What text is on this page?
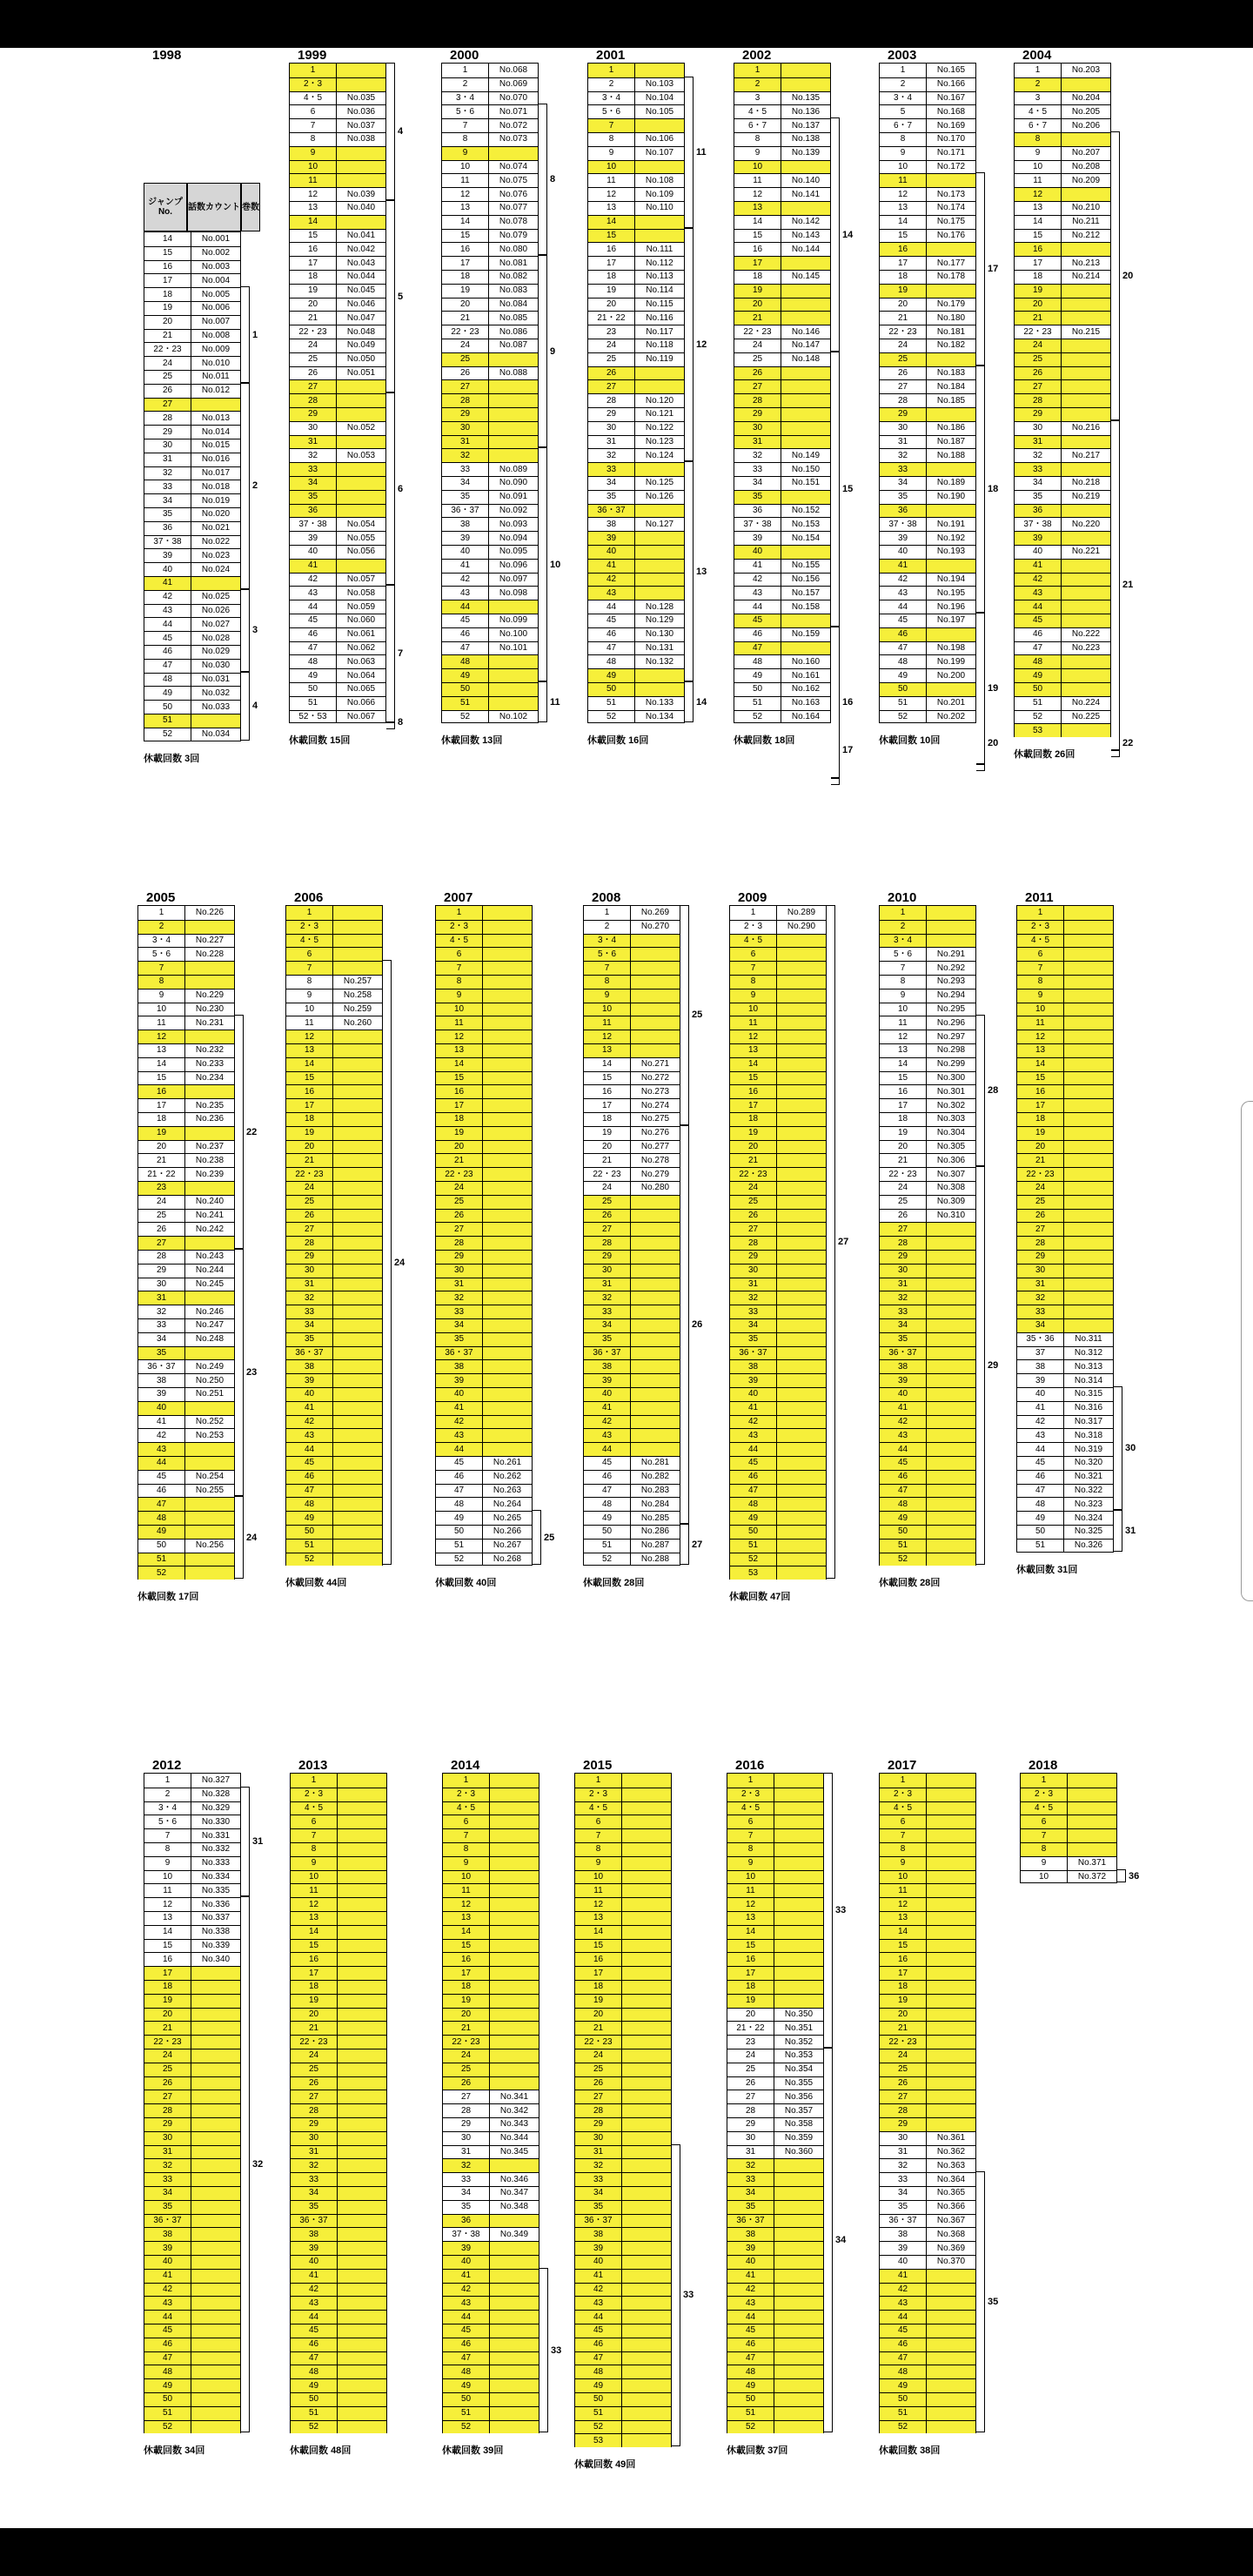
1998
ジャンプNo.	話数カウント 巻数
14	No.001
15	No.002
16	No.003
17	No.004
18	No.005
19	No.006
20	No.007
21	No.008
22・23	No.009
24	No.010
25	No.011
26	No.012
27
28	No.013
29	No.014
30	No.015
31	No.016
32	No.017
33	No.018
34	No.019
35	No.020
36	No.021
37・38	No.022
39	No.023
40	No.024
41
42	No.025
43	No.026
44	No.027
45	No.028
46	No.029
47	No.030
48	No.031
49	No.032
50	No.033
51
52	No.034
1
2
3
4
休載回数 3回
1999
1
2・3
4・5	No.035
6	No.036
7	No.037
8	No.038
9
10
11
12	No.039
13	No.040
14
15	No.041
16	No.042
17	No.043
18	No.044
19	No.045
20	No.046
21	No.047
22・23	No.048
24	No.049
25	No.050
26	No.051
27
28
29
30	No.052
31
32	No.053
33
34
35
36
37・38	No.054
39	No.055
40	No.056
41
42	No.057
43	No.058
44	No.059
45	No.060
46	No.061
47	No.062
48	No.063
49	No.064
50	No.065
51	No.066
52・53	No.067
4
5
6
7
8
休載回数 15回
2000
1	No.068
2	No.069
3・4	No.070
5・6	No.071
7	No.072
8	No.073
9
10	No.074
11	No.075
12	No.076
13	No.077
14	No.078
15	No.079
16	No.080
17	No.081
18	No.082
19	No.083
20	No.084
21	No.085
22・23	No.086
24	No.087
25
26	No.088
27
28
29
30
31
32
33	No.089
34	No.090
35	No.091
36・37	No.092
38	No.093
39	No.094
40	No.095
41	No.096
42	No.097
43	No.098
44
45	No.099
46	No.100
47	No.101
48
49
50
51
52	No.102
8
9
10
11
休載回数 13回
2001
1
2	No.103
3・4	No.104
5・6	No.105
7
8	No.106
9	No.107
10
11	No.108
12	No.109
13	No.110
14
15
16	No.111
17	No.112
18	No.113
19	No.114
20	No.115
21・22	No.116
23	No.117
24	No.118
25	No.119
26
27
28	No.120
29	No.121
30	No.122
31	No.123
32	No.124
33
34	No.125
35	No.126
36・37
38	No.127
39
40
41
42
43
44	No.128
45	No.129
46	No.130
47	No.131
48	No.132
49
50
51	No.133
52	No.134
11
12
13
14
休載回数 16回
2002
1
2
3	No.135
4・5	No.136
6・7	No.137
8	No.138
9	No.139
10
11	No.140
12	No.141
13
14	No.142
15	No.143
16	No.144
17
18	No.145
19
20
21
22・23	No.146
24	No.147
25	No.148
26
27
28
29
30
31
32	No.149
33	No.150
34	No.151
35
36	No.152
37・38	No.153
39	No.154
40
41	No.155
42	No.156
43	No.157
44	No.158
45
46	No.159
47
48	No.160
49	No.161
50	No.162
51	No.163
52	No.164
14
15
16
17
休載回数 18回
2003
1	No.165
2	No.166
3・4	No.167
5	No.168
6・7	No.169
8	No.170
9	No.171
10	No.172
11
12	No.173
13	No.174
14	No.175
15	No.176
16
17	No.177
18	No.178
19
20	No.179
21	No.180
22・23	No.181
24	No.182
25
26	No.183
27	No.184
28	No.185
29
30	No.186
31	No.187
32	No.188
33
34	No.189
35	No.190
36
37・38	No.191
39	No.192
40	No.193
41
42	No.194
43	No.195
44	No.196
45	No.197
46
47	No.198
48	No.199
49	No.200
50
51	No.201
52	No.202
17
18
19
20
休載回数 10回
2004
1	No.203
2
3	No.204
4・5	No.205
6・7	No.206
8
9	No.207
10	No.208
11	No.209
12
13	No.210
14	No.211
15	No.212
16
17	No.213
18	No.214
19
20
21
22・23	No.215
24
25
26
27
28
29
30	No.216
31
32	No.217
33
34	No.218
35	No.219
36
37・38	No.220
39
40	No.221
41
42
43
44
45
46	No.222
47	No.223
48
49
50
51	No.224
52	No.225
53
20
21
22
休載回数 26回
2005
1	No.226
2
3・4	No.227
5・6	No.228
7
8
9	No.229
10	No.230
11	No.231
12
13	No.232
14	No.233
15	No.234
16
17	No.235
18	No.236
19
20	No.237
21	No.238
21・22	No.239
23
24	No.240
25	No.241
26	No.242
27
28	No.243
29	No.244
30	No.245
31
32	No.246
33	No.247
34	No.248
35
36・37	No.249
38	No.250
39	No.251
40
41	No.252
42	No.253
43
44
45	No.254
46	No.255
47
48
49
50	No.256
51
52
22
23
24
休載回数 17回
2006
1
2・3
4・5
6
7
8	No.257
9	No.258
10	No.259
11	No.260
12
13
14
15
16
17
18
19
20
21
22・23
24
25
26
27
28
29
30
31
32
33
34
35
36・37
38
39
40
41
42
43
44
45
46
47
48
49
50
51
52
24
休載回数 44回
2007
1
2・3
4・5
6
7
8
9
10
11
12
13
14
15
16
17
18
19
20
21
22・23
24
25
26
27
28
29
30
31
32
33
34
35
36・37
38
39
40
41
42
43
44
45	No.261
46	No.262
47	No.263
48	No.264
49	No.265
50	No.266
51	No.267
52	No.268
25
休載回数 40回
2008
1	No.269
2	No.270
3・4
5・6
7
8
9
10
11
12
13
14	No.271
15	No.272
16	No.273
17	No.274
18	No.275
19	No.276
20	No.277
21	No.278
22・23	No.279
24	No.280
25
26
27
28
29
30
31
32
33
34
35
36・37
38
39
40
41
42
43
44
45	No.281
46	No.282
47	No.283
48	No.284
49	No.285
50	No.286
51	No.287
52	No.288
25
26
27
休載回数 28回
2009
1	No.289
2・3	No.290
4・5
6
7
8
9
10
11
12
13
14
15
16
17
18
19
20
21
22・23
24
25
26
27
28
29
30
31
32
33
34
35
36・37
38
39
40
41
42
43
44
45
46
47
48
49
50
51
52
53
27
休載回数 47回
2010
1
2
3・4
5・6	No.291
7	No.292
8	No.293
9	No.294
10	No.295
11	No.296
12	No.297
13	No.298
14	No.299
15	No.300
16	No.301
17	No.302
18	No.303
19	No.304
20	No.305
21	No.306
22・23	No.307
24	No.308
25	No.309
26	No.310
27
28
29
30
31
32
33
34
35
36・37
38
39
40
41
42
43
44
45
46
47
48
49
50
51
52
28
29
休載回数 28回
2011
1
2・3
4・5
6
7
8
9
10
11
12
13
14
15
16
17
18
19
20
21
22・23
24
25
26
27
28
29
30
31
32
33
34
35・36	No.311
37	No.312
38	No.313
39	No.314
40	No.315
41	No.316
42	No.317
43	No.318
44	No.319
45	No.320
46	No.321
47	No.322
48	No.323
49	No.324
50	No.325
51	No.326
30
31
休載回数 31回
2012
1	No.327
2	No.328
3・4	No.329
5・6	No.330
7	No.331
8	No.332
9	No.333
10	No.334
11	No.335
12	No.336
13	No.337
14	No.338
15	No.339
16	No.340
17
18
19
20
21
22・23
24
25
26
27
28
29
30
31
32
33
34
35
36・37
38
39
40
41
42
43
44
45
46
47
48
49
50
51
52
31
32
休載回数 34回
2013
1
2・3
4・5
6
7
8
9
10
11
12
13
14
15
16
17
18
19
20
21
22・23
24
25
26
27
28
29
30
31
32
33
34
35
36・37
38
39
40
41
42
43
44
45
46
47
48
49
50
51
52
休載回数 48回
2014
1
2・3
4・5
6
7
8
9
10
11
12
13
14
15
16
17
18
19
20
21
22・23
24
25
26
27	No.341
28	No.342
29	No.343
30	No.344
31	No.345
32
33	No.346
34	No.347
35	No.348
36
37・38	No.349
39
40
41
42
43
44
45
46
47
48
49
50
51
52
33
休載回数 39回
2015
1
2・3
4・5
6
7
8
9
10
11
12
13
14
15
16
17
18
19
20
21
22・23
24
25
26
27
28
29
30
31
32
33
34
35
36・37
38
39
40
41
42
43
44
45
46
47
48
49
50
51
52
53
33
休載回数 49回
2016
1
2・3
4・5
6
7
8
9
10
11
12
13
14
15
16
17
18
19
20	No.350
21・22	No.351
23	No.352
24	No.353
25	No.354
26	No.355
27	No.356
28	No.357
29	No.358
30	No.359
31	No.360
32
33
34
35
36・37
38
39
40
41
42
43
44
45
46
47
48
49
50
51
52
33
34
休載回数 37回
2017
1
2・3
4・5
6
7
8
9
10
11
12
13
14
15
16
17
18
19
20
21
22・23
24
25
26
27
28
29
30	No.361
31	No.362
32	No.363
33	No.364
34	No.365
35	No.366
36・37	No.367
38	No.368
39	No.369
40	No.370
41
42
43
44
45
46
47
48
49
50
51
52
35
休載回数 38回
2018
1
2・3
4・5
6
7
8
9	No.371
10	No.372	36
